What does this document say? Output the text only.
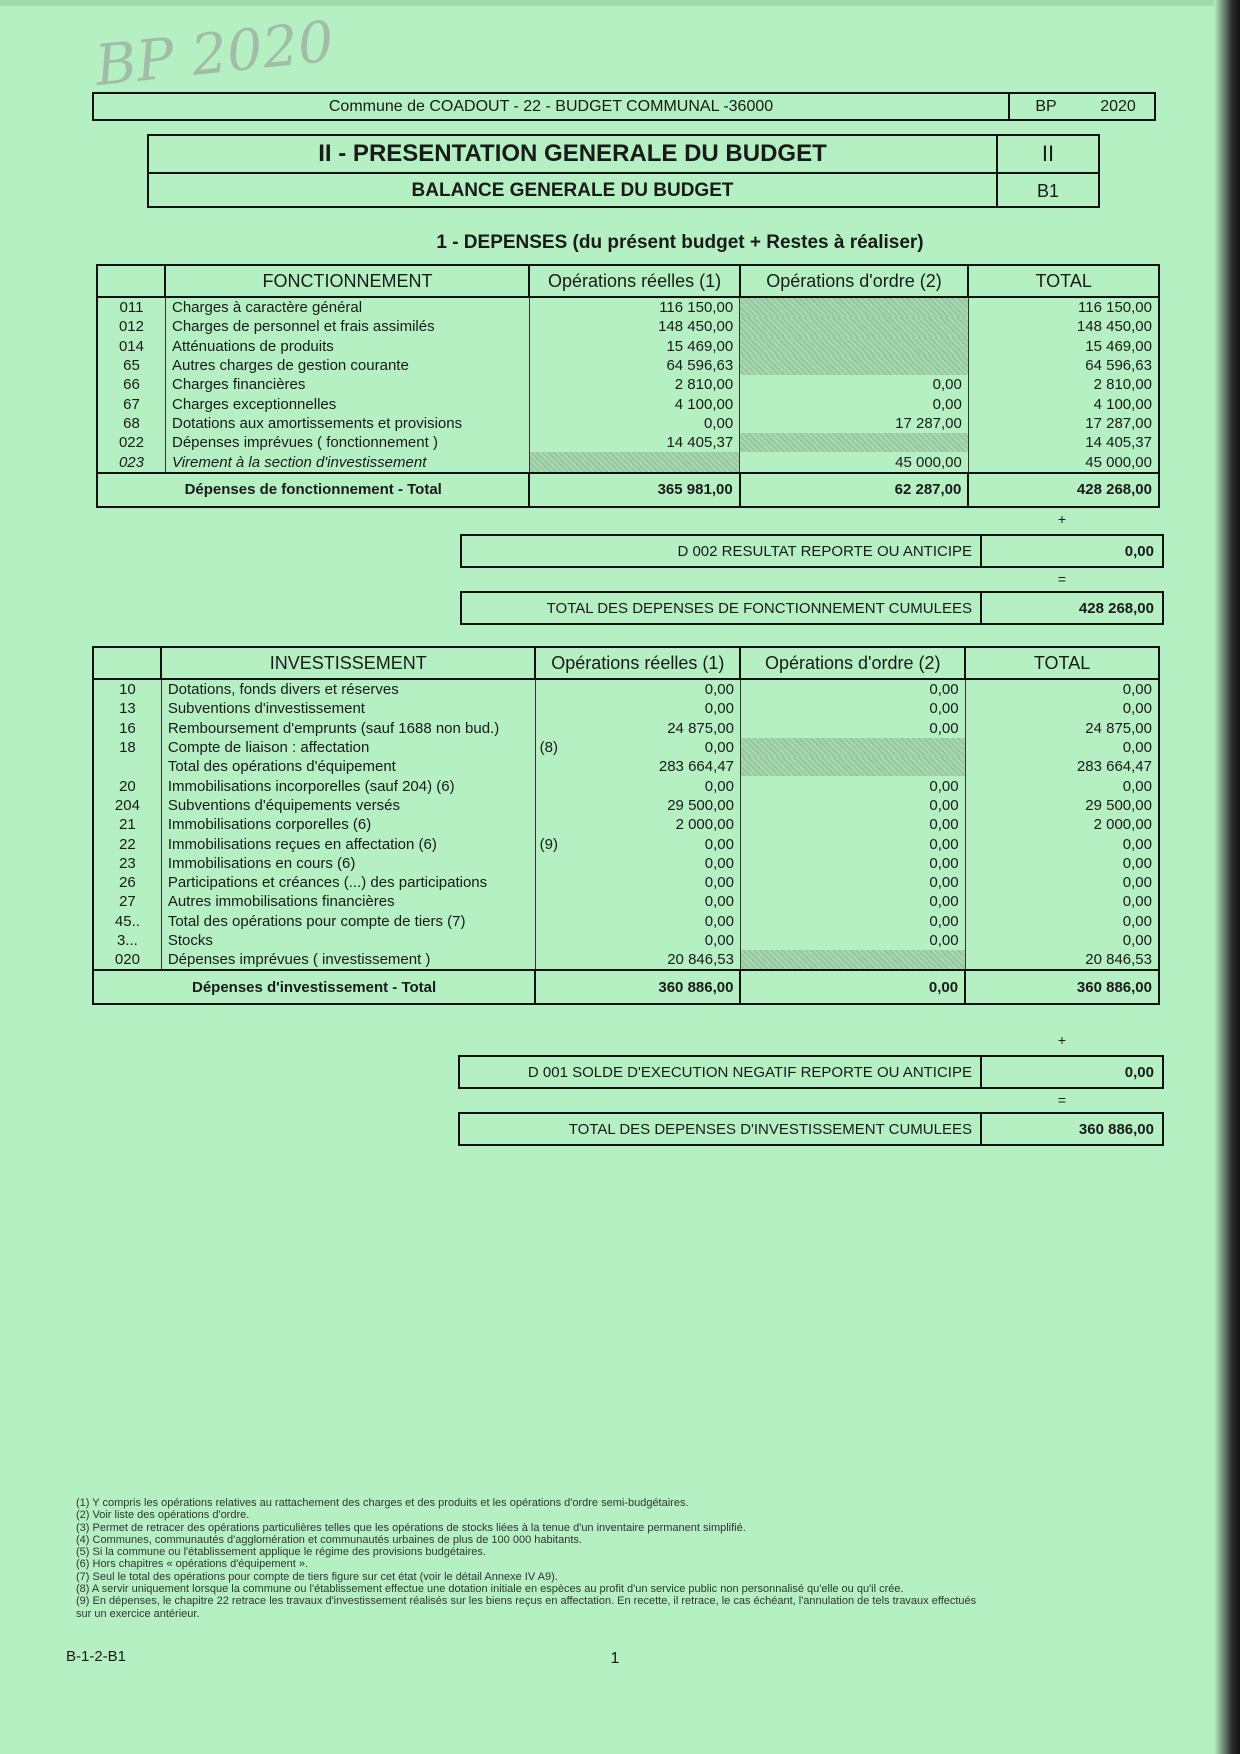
BP 2020
Commune de COADOUT - 22 - BUDGET COMMUNAL -36000	BP	2020
II - PRESENTATION GENERALE DU BUDGET	II
BALANCE GENERALE DU BUDGET	B1
1 - DEPENSES (du présent budget + Restes à réaliser)
	FONCTIONNEMENT	Opérations réelles (1)	Opérations d'ordre (2)	TOTAL
011	Charges à caractère général	116 150,00		116 150,00
012	Charges de personnel et frais assimilés	148 450,00		148 450,00
014	Atténuations de produits	15 469,00		15 469,00
65	Autres charges de gestion courante	64 596,63		64 596,63
66	Charges financières	2 810,00	0,00	2 810,00
67	Charges exceptionnelles	4 100,00	0,00	4 100,00
68	Dotations aux amortissements et provisions	0,00	17 287,00	17 287,00
022	Dépenses imprévues ( fonctionnement )	14 405,37		14 405,37
023	Virement à la section d'investissement		45 000,00	45 000,00
Dépenses de fonctionnement - Total		365 981,00	62 287,00	428 268,00
+
D 002 RESULTAT REPORTE OU ANTICIPE	0,00
=
TOTAL DES DEPENSES DE FONCTIONNEMENT CUMULEES	428 268,00
	INVESTISSEMENT	Opérations réelles (1)	Opérations d'ordre (2)	TOTAL
10	Dotations, fonds divers et réserves	0,00	0,00	0,00
13	Subventions d'investissement	0,00	0,00	0,00
16	Remboursement d'emprunts (sauf 1688 non bud.)	24 875,00	0,00	24 875,00
18	Compte de liaison : affectation	(8) 0,00		0,00
	Total des opérations d'équipement	283 664,47		283 664,47
20	Immobilisations incorporelles (sauf 204) (6)	0,00	0,00	0,00
204	Subventions d'équipements versés	29 500,00	0,00	29 500,00
21	Immobilisations corporelles (6)	2 000,00	0,00	2 000,00
22	Immobilisations reçues en affectation (6)	(9) 0,00	0,00	0,00
23	Immobilisations en cours (6)	0,00	0,00	0,00
26	Participations et créances (...) des participations	0,00	0,00	0,00
27	Autres immobilisations financières	0,00	0,00	0,00
45..	Total des opérations pour compte de tiers (7)	0,00	0,00	0,00
3...	Stocks	0,00	0,00	0,00
020	Dépenses imprévues ( investissement )	20 846,53		20 846,53
Dépenses d'investissement - Total		360 886,00	0,00	360 886,00
+
D 001 SOLDE D'EXECUTION NEGATIF REPORTE OU ANTICIPE	0,00
=
TOTAL DES DEPENSES D'INVESTISSEMENT CUMULEES	360 886,00
(1) Y compris les opérations relatives au rattachement des charges et des produits et les opérations d'ordre semi-budgétaires.
(2) Voir liste des opérations d'ordre.
(3) Permet de retracer des opérations particulières telles que les opérations de stocks liées à la tenue d'un inventaire permanent simplifié.
(4) Communes, communautés d'agglomération et communautés urbaines de plus de 100 000 habitants.
(5) Si la commune ou l'établissement applique le régime des provisions budgétaires.
(6) Hors chapitres « opérations d'équipement ».
(7) Seul le total des opérations pour compte de tiers figure sur cet état (voir le détail Annexe IV A9).
(8) A servir uniquement lorsque la commune ou l'établissement effectue une dotation initiale en espèces au profit d'un service public non personnalisé qu'elle ou qu'il crée.
(9) En dépenses, le chapitre 22 retrace les travaux d'investissement réalisés sur les biens reçus en affectation. En recette, il retrace, le cas échéant, l'annulation de tels travaux effectués
sur un exercice antérieur.
B-1-2-B1	1
